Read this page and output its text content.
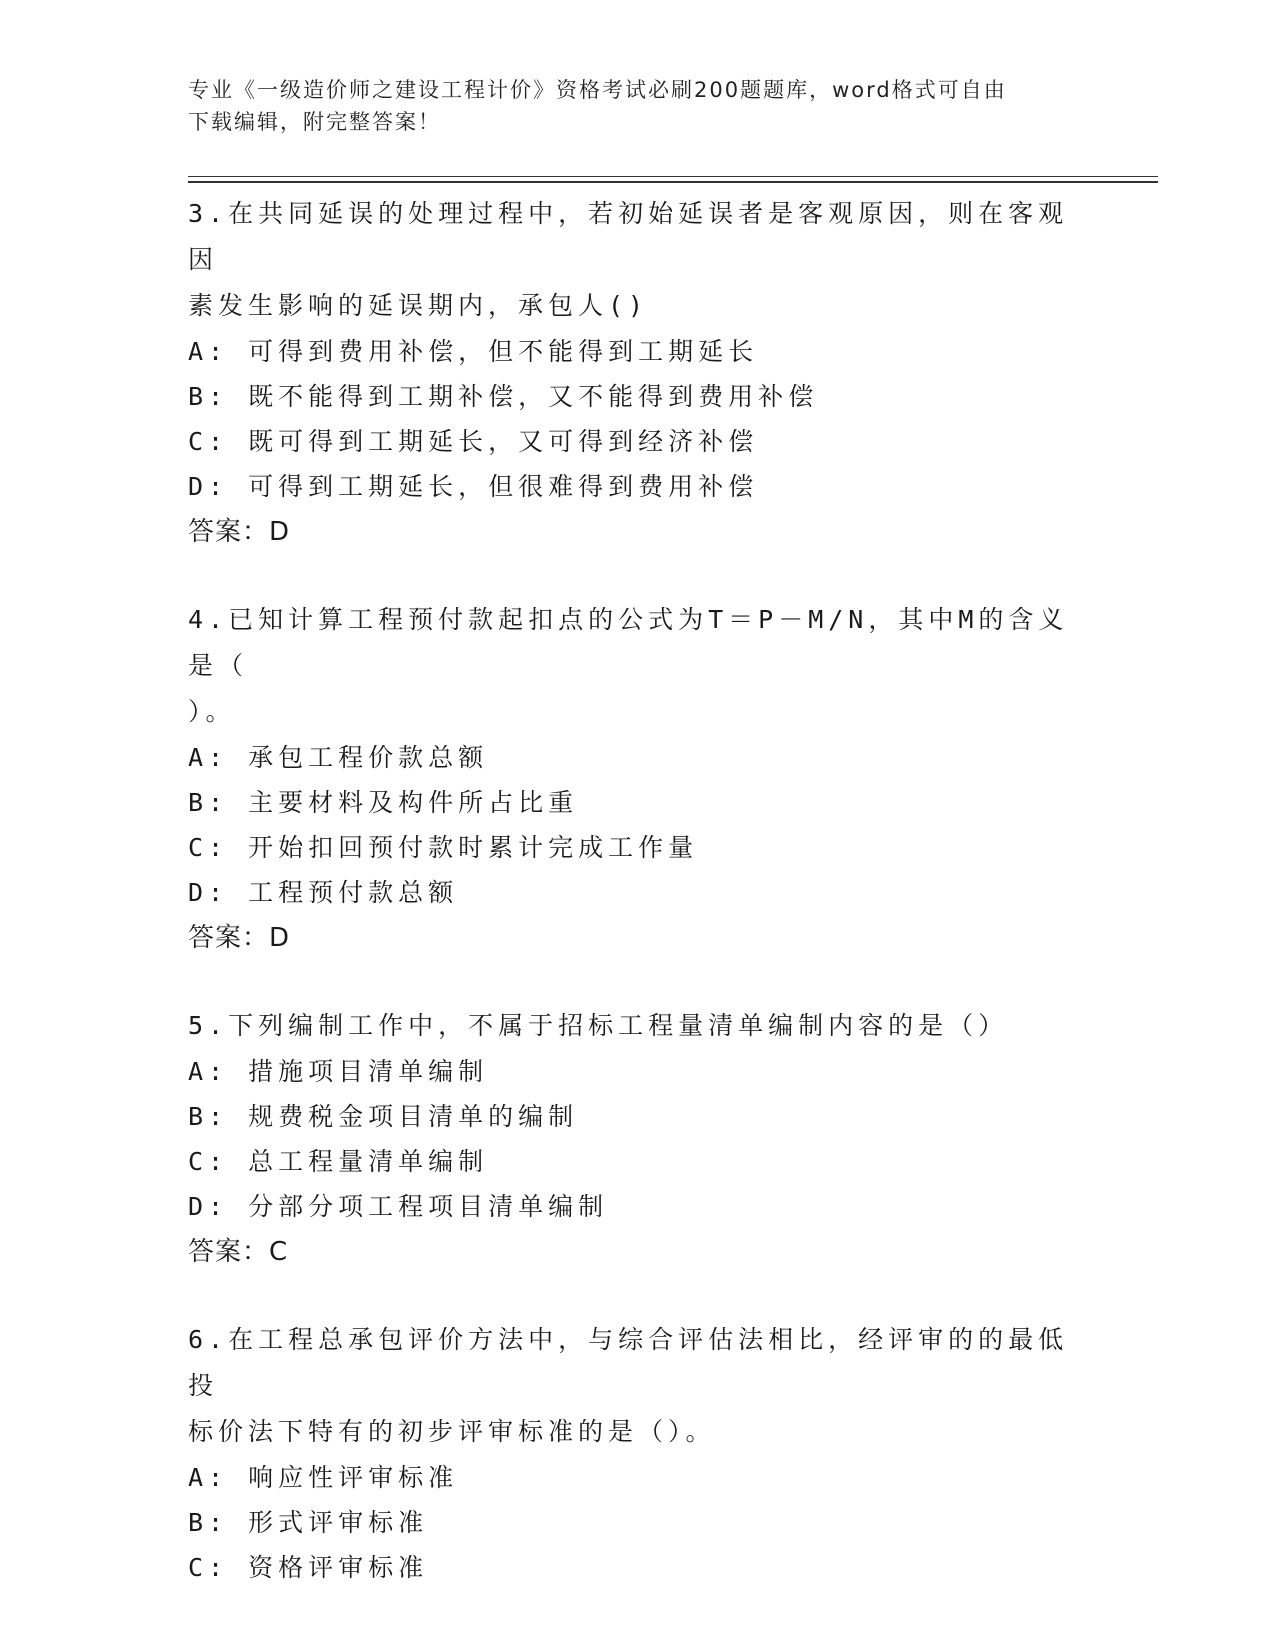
专业《一级造价师之建设工程计价》资格考试必刷200题题库，word格式可自由
下载编辑，附完整答案！

3.在共同延误的处理过程中，若初始延误者是客观原因，则在客观因

素发生影响的延误期内，承包人()

A: 可得到费用补偿，但不能得到工期延长

B: 既不能得到工期补偿，又不能得到费用补偿

C: 既可得到工期延长，又可得到经济补偿

D: 可得到工期延长，但很难得到费用补偿

答案：D

4.已知计算工程预付款起扣点的公式为T＝P－M/N，其中M的含义是（

）。

A: 承包工程价款总额

B: 主要材料及构件所占比重

C: 开始扣回预付款时累计完成工作量

D: 工程预付款总额

答案：D

5.下列编制工作中，不属于招标工程量清单编制内容的是（）

A: 措施项目清单编制

B: 规费税金项目清单的编制

C: 总工程量清单编制

D: 分部分项工程项目清单编制

答案：C

6.在工程总承包评价方法中，与综合评估法相比，经评审的的最低投

标价法下特有的初步评审标准的是（）。

A: 响应性评审标准

B: 形式评审标准

C: 资格评审标准
